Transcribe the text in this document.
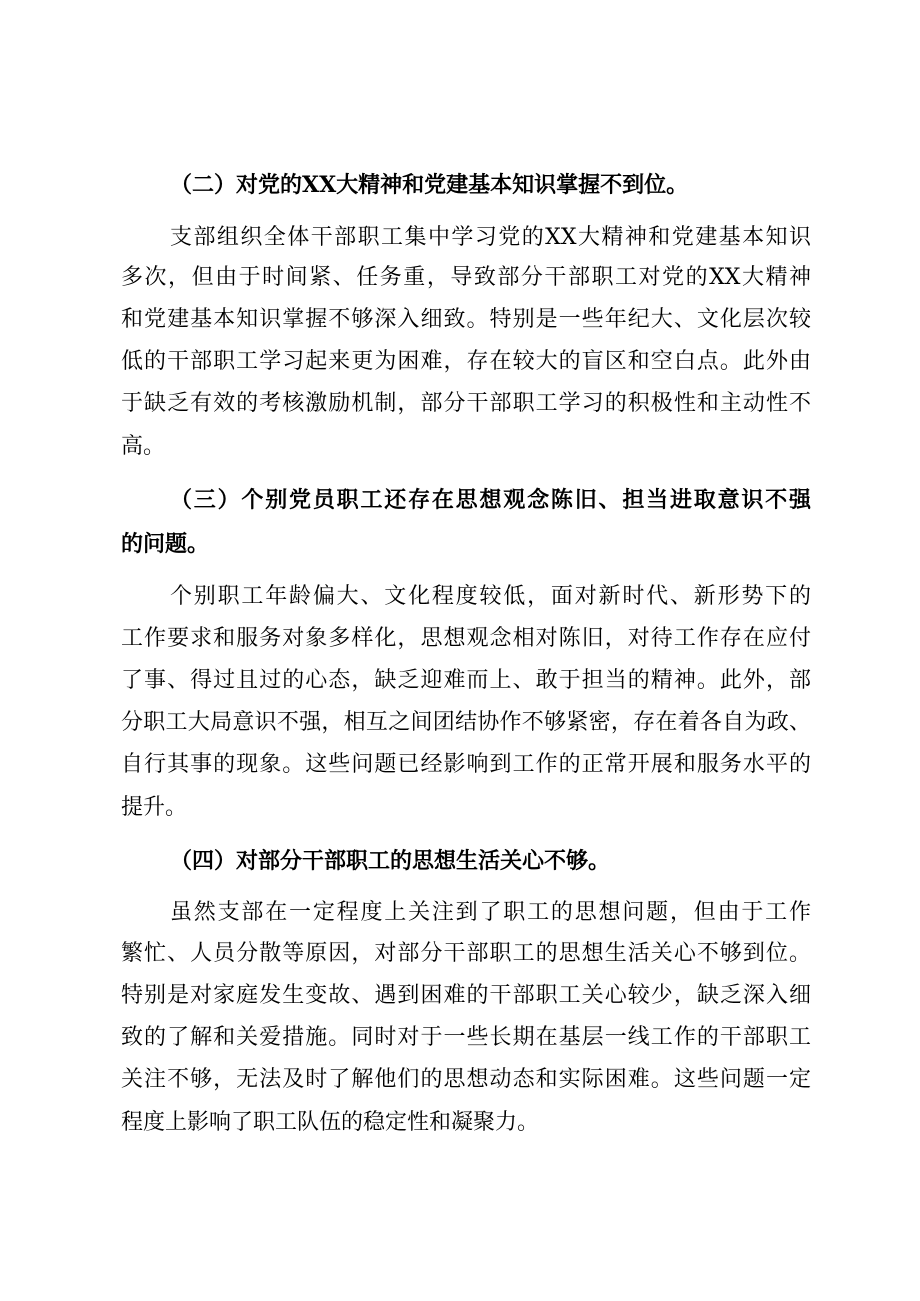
（二）对党的XX大精神和党建基本知识掌握不到位。
支部组织全体干部职工集中学习党的XX大精神和党建基本知识
多次，但由于时间紧、任务重，导致部分干部职工对党的XX大精神
和党建基本知识掌握不够深入细致。特别是一些年纪大、文化层次较
低的干部职工学习起来更为困难，存在较大的盲区和空白点。此外由
于缺乏有效的考核激励机制，部分干部职工学习的积极性和主动性不
高。
（三）个别党员职工还存在思想观念陈旧、担当进取意识不强
的问题。
个别职工年龄偏大、文化程度较低，面对新时代、新形势下的
工作要求和服务对象多样化，思想观念相对陈旧，对待工作存在应付
了事、得过且过的心态，缺乏迎难而上、敢于担当的精神。此外，部
分职工大局意识不强，相互之间团结协作不够紧密，存在着各自为政、
自行其事的现象。这些问题已经影响到工作的正常开展和服务水平的
提升。
（四）对部分干部职工的思想生活关心不够。
虽然支部在一定程度上关注到了职工的思想问题，但由于工作
繁忙、人员分散等原因，对部分干部职工的思想生活关心不够到位。
特别是对家庭发生变故、遇到困难的干部职工关心较少，缺乏深入细
致的了解和关爱措施。同时对于一些长期在基层一线工作的干部职工
关注不够，无法及时了解他们的思想动态和实际困难。这些问题一定
程度上影响了职工队伍的稳定性和凝聚力。
